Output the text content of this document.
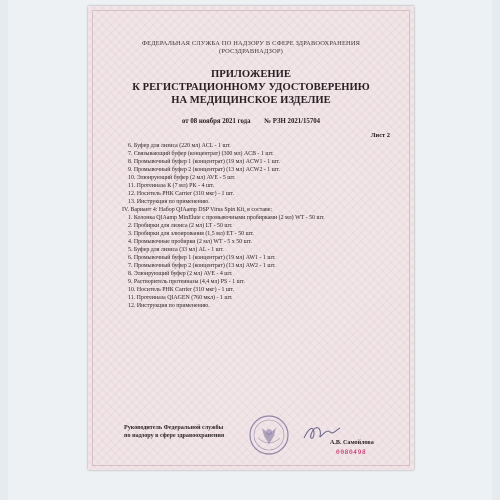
ФЕДЕРАЛЬНАЯ СЛУЖБА ПО НАДЗОРУ В СФЕРЕ ЗДРАВООХРАНЕНИЯ
(РОСЗДРАВНАДЗОР)
ПРИЛОЖЕНИЕ
К РЕГИСТРАЦИОННОМУ УДОСТОВЕРЕНИЮ
НА МЕДИЦИНСКОЕ ИЗДЕЛИЕ
от 08 ноября 2021 года № РЗН 2021/15704
Лист 2
6. Буфер для лизиса (220 мл) ACL - 1 шт.
7. Связывающий буфер (концентрат) (300 мл) ACB - 1 шт.
8. Промывочный буфер 1 (концентрат) (19 мл) ACW1 - 1 шт.
9. Промывочный буфер 2 (концентрат) (13 мл) ACW2 - 1 шт.
10. Элюирующий буфер (2 мл) AVE - 5 шт.
11. Протеиназа К (7 мл) PK - 4 шт.
12. Носитель РНК Carrier (310 мкг) - 1 шт.
13. Инструкция по применению.
IV. Вариант 4: Набор QIAamp DSP Virus Spin Kit, в составе:
1. Колонка QIAamp MinElute с промывочными пробирками (2 мл) WT - 50 шт.
2. Пробирки для лизиса (2 мл) LT - 50 шт.
3. Пробирки для элюирования (1,5 мл) ET - 50 шт.
4. Промывочные пробирки (2 мл) WT - 5 х 50 шт.
5. Буфер для лизиса (33 мл) AL - 1 шт.
6. Промывочный буфер 1 (концентрат) (19 мл) AW1 - 1 шт.
7. Промывочный буфер 2 (концентрат) (13 мл) AW2 - 1 шт.
8. Элюирующий буфер (2 мл) AVE - 4 шт.
9. Растворитель протеиназы (4,4 мл) PS - 1 шт.
10. Носитель РНК Carrier (310 мкг) - 1 шт.
11. Протеиназа QIAGEN (760 мкл) - 1 шт.
12. Инструкция по применению.
Руководитель Федеральной службы
по надзору в сфере здравоохранения
А.В. Самойлова
0080498
